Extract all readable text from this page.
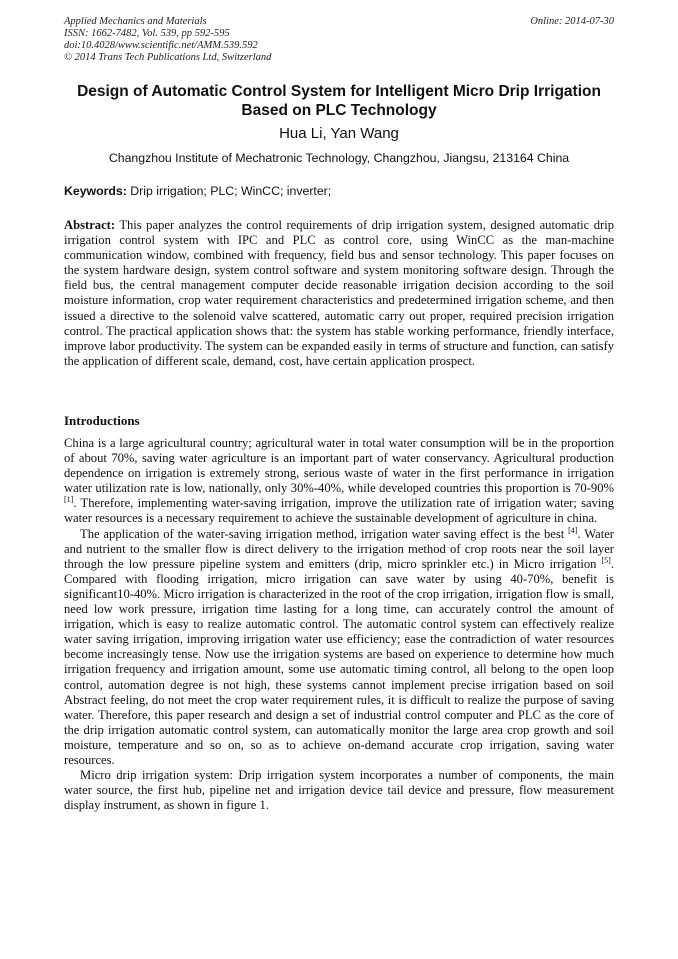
Applied Mechanics and Materials
ISSN: 1662-7482, Vol. 539, pp 592-595
doi:10.4028/www.scientific.net/AMM.539.592
© 2014 Trans Tech Publications Ltd, Switzerland
Online: 2014-07-30
Design of Automatic Control System for Intelligent Micro Drip Irrigation
Based on PLC Technology
Hua Li, Yan Wang
Changzhou Institute of Mechatronic Technology, Changzhou, Jiangsu, 213164 China
Keywords: Drip irrigation; PLC; WinCC; inverter;

Abstract: This paper analyzes the control requirements of drip irrigation system, designed automatic drip irrigation control system with IPC and PLC as control core, using WinCC as the man-machine communication window, combined with frequency, field bus and sensor technology. This paper focuses on the system hardware design, system control software and system monitoring software design. Through the field bus, the central management computer decide reasonable irrigation decision according to the soil moisture information, crop water requirement characteristics and predetermined irrigation scheme, and then issued a directive to the solenoid valve scattered, automatic carry out proper, required precision irrigation control. The practical application shows that: the system has stable working performance, friendly interface, improve labor productivity. The system can be expanded easily in terms of structure and function, can satisfy the application of different scale, demand, cost, have certain application prospect.

Introductions

China is a large agricultural country; agricultural water in total water consumption will be in the proportion of about 70%, saving water agriculture is an important part of water conservancy. Agricultural production dependence on irrigation is extremely strong, serious waste of water in the first performance in irrigation water utilization rate is low, nationally, only 30%-40%, while developed countries this proportion is 70-90% [1]. Therefore, implementing water-saving irrigation, improve the utilization rate of irrigation water; saving water resources is a necessary requirement to achieve the sustainable development of agriculture in china.

The application of the water-saving irrigation method, irrigation water saving effect is the best [4]. Water and nutrient to the smaller flow is direct delivery to the irrigation method of crop roots near the soil layer through the low pressure pipeline system and emitters (drip, micro sprinkler etc.) in Micro irrigation [5]. Compared with flooding irrigation, micro irrigation can save water by using 40-70%, benefit is significant10-40%. Micro irrigation is characterized in the root of the crop irrigation, irrigation flow is small, need low work pressure, irrigation time lasting for a long time, can accurately control the amount of irrigation, which is easy to realize automatic control. The automatic control system can effectively realize water saving irrigation, improving irrigation water use efficiency; ease the contradiction of water resources become increasingly tense. Now use the irrigation systems are based on experience to determine how much irrigation frequency and irrigation amount, some use automatic timing control, all belong to the open loop control, automation degree is not high, these systems cannot implement precise irrigation based on soil Abstract feeling, do not meet the crop water requirement rules, it is difficult to realize the purpose of saving water. Therefore, this paper research and design a set of industrial control computer and PLC as the core of the drip irrigation automatic control system, can automatically monitor the large area crop growth and soil moisture, temperature and so on, so as to achieve on-demand accurate crop irrigation, saving water resources.

Micro drip irrigation system: Drip irrigation system incorporates a number of components, the main water source, the first hub, pipeline net and irrigation device tail device and pressure, flow measurement display instrument, as shown in figure 1.
